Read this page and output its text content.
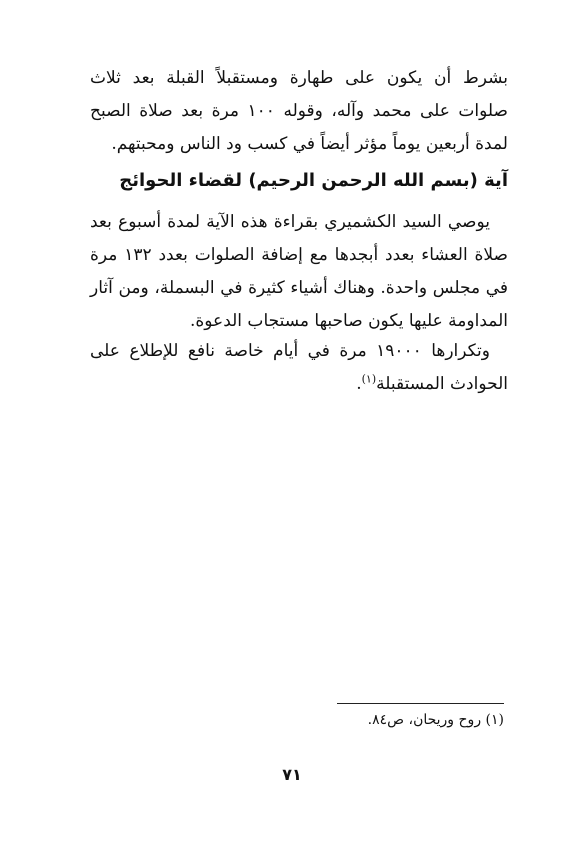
بشرط أن يكون على طهارة ومستقبلاً القبلة بعد ثلاث صلوات على محمد وآله، وقوله ١٠٠ مرة بعد صلاة الصبح لمدة أربعين يوماً مؤثر أيضاً في كسب ود الناس ومحبتهم.

آية (بسم الله الرحمن الرحيم) لقضاء الحوائج

يوصي السيد الكشميري بقراءة هذه الآية لمدة أسبوع بعد صلاة العشاء بعدد أبجدها مع إضافة الصلوات بعدد ١٣٢ مرة في مجلس واحدة. وهناك أشياء كثيرة في البسملة، ومن آثار المداومة عليها يكون صاحبها مستجاب الدعوة.

وتكرارها ١٩٠٠٠ مرة في أيام خاصة نافع للإطلاع على الحوادث المستقبلة$^{(١)}$.

(١) روح وريحان، ص٨٤.
٧١
